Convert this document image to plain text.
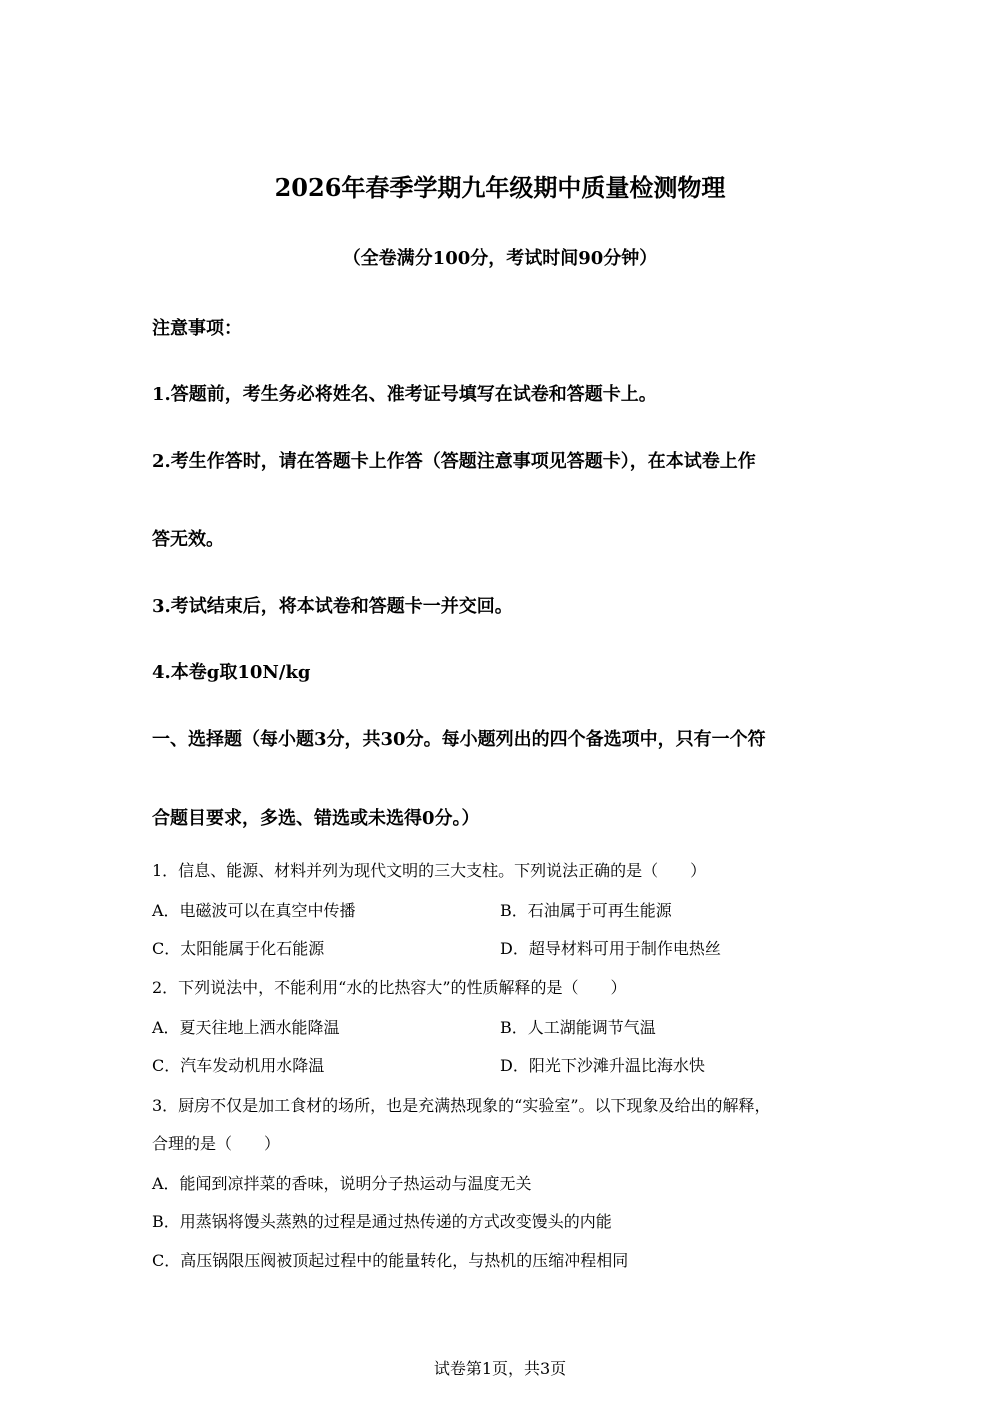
2026年春季学期九年级期中质量检测物理
（全卷满分100分，考试时间90分钟）
注意事项：
1.答题前，考生务必将姓名、准考证号填写在试卷和答题卡上。
2.考生作答时，请在答题卡上作答（答题注意事项见答题卡），在本试卷上作
答无效。
3.考试结束后，将本试卷和答题卡一并交回。
4.本卷g取10N/kg
一、选择题（每小题3分，共30分。每小题列出的四个备选项中，只有一个符
合题目要求，多选、错选或未选得0分。）
1．信息、能源、材料并列为现代文明的三大支柱。下列说法正确的是（　　）
A．电磁波可以在真空中传播	B．石油属于可再生能源
C．太阳能属于化石能源	D．超导材料可用于制作电热丝
2．下列说法中，不能利用“水的比热容大”的性质解释的是（　　）
A．夏天往地上洒水能降温	B．人工湖能调节气温
C．汽车发动机用水降温	D．阳光下沙滩升温比海水快
3．厨房不仅是加工食材的场所，也是充满热现象的“实验室”。以下现象及给出的解释，
合理的是（　　）
A．能闻到凉拌菜的香味，说明分子热运动与温度无关
B．用蒸锅将馒头蒸熟的过程是通过热传递的方式改变馒头的内能
C．高压锅限压阀被顶起过程中的能量转化，与热机的压缩冲程相同
试卷第1页，共3页
